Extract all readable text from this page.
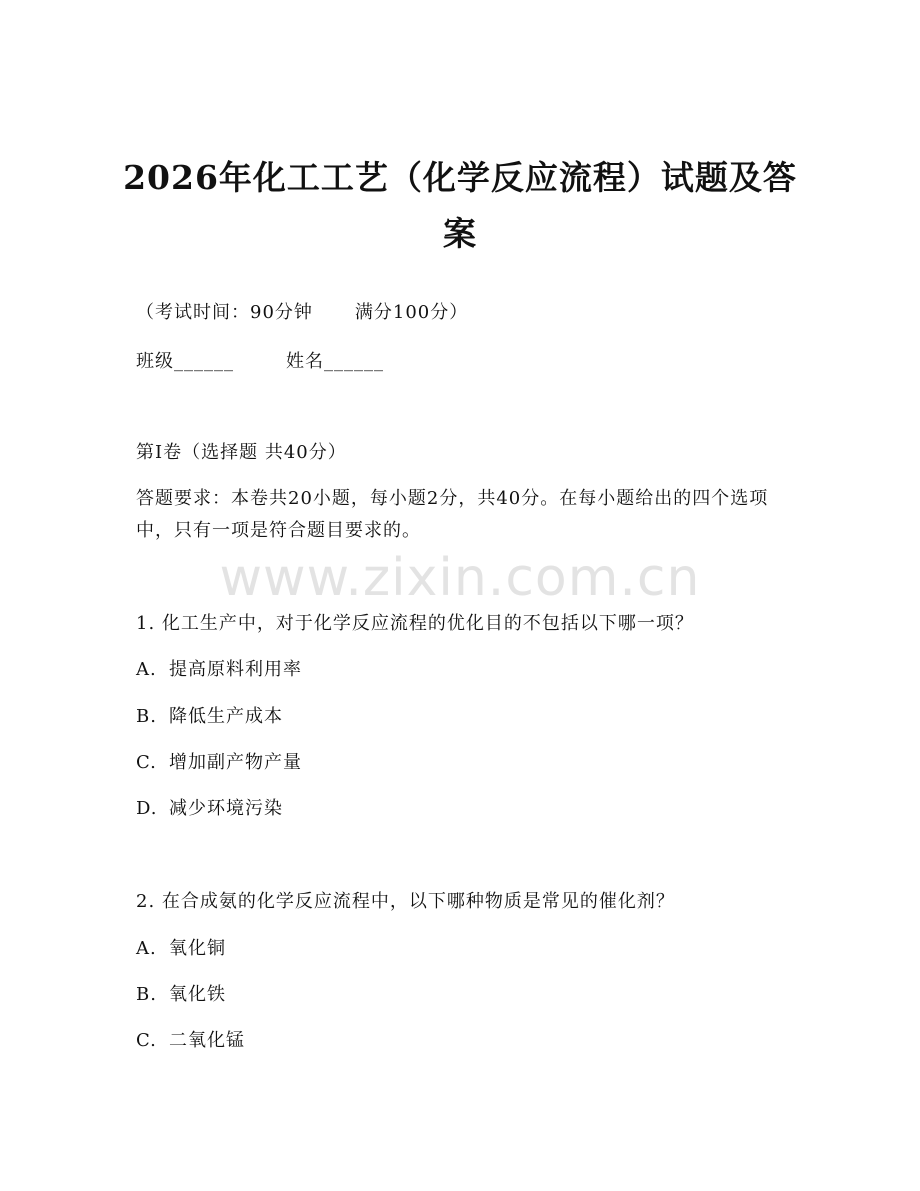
2026年化工工艺（化学反应流程）试题及答案
（考试时间：90分钟 满分100分）
班级______	姓名______
第I卷（选择题 共40分）
答题要求：本卷共20小题，每小题2分，共40分。在每小题给出的四个选项中，只有一项是符合题目要求的。
1. 化工生产中，对于化学反应流程的优化目的不包括以下哪一项？
A. 提高原料利用率
B. 降低生产成本
C. 增加副产物产量
D. 减少环境污染
2. 在合成氨的化学反应流程中，以下哪种物质是常见的催化剂？
A. 氧化铜
B. 氧化铁
C. 二氧化锰
www.zixin.com.cn
